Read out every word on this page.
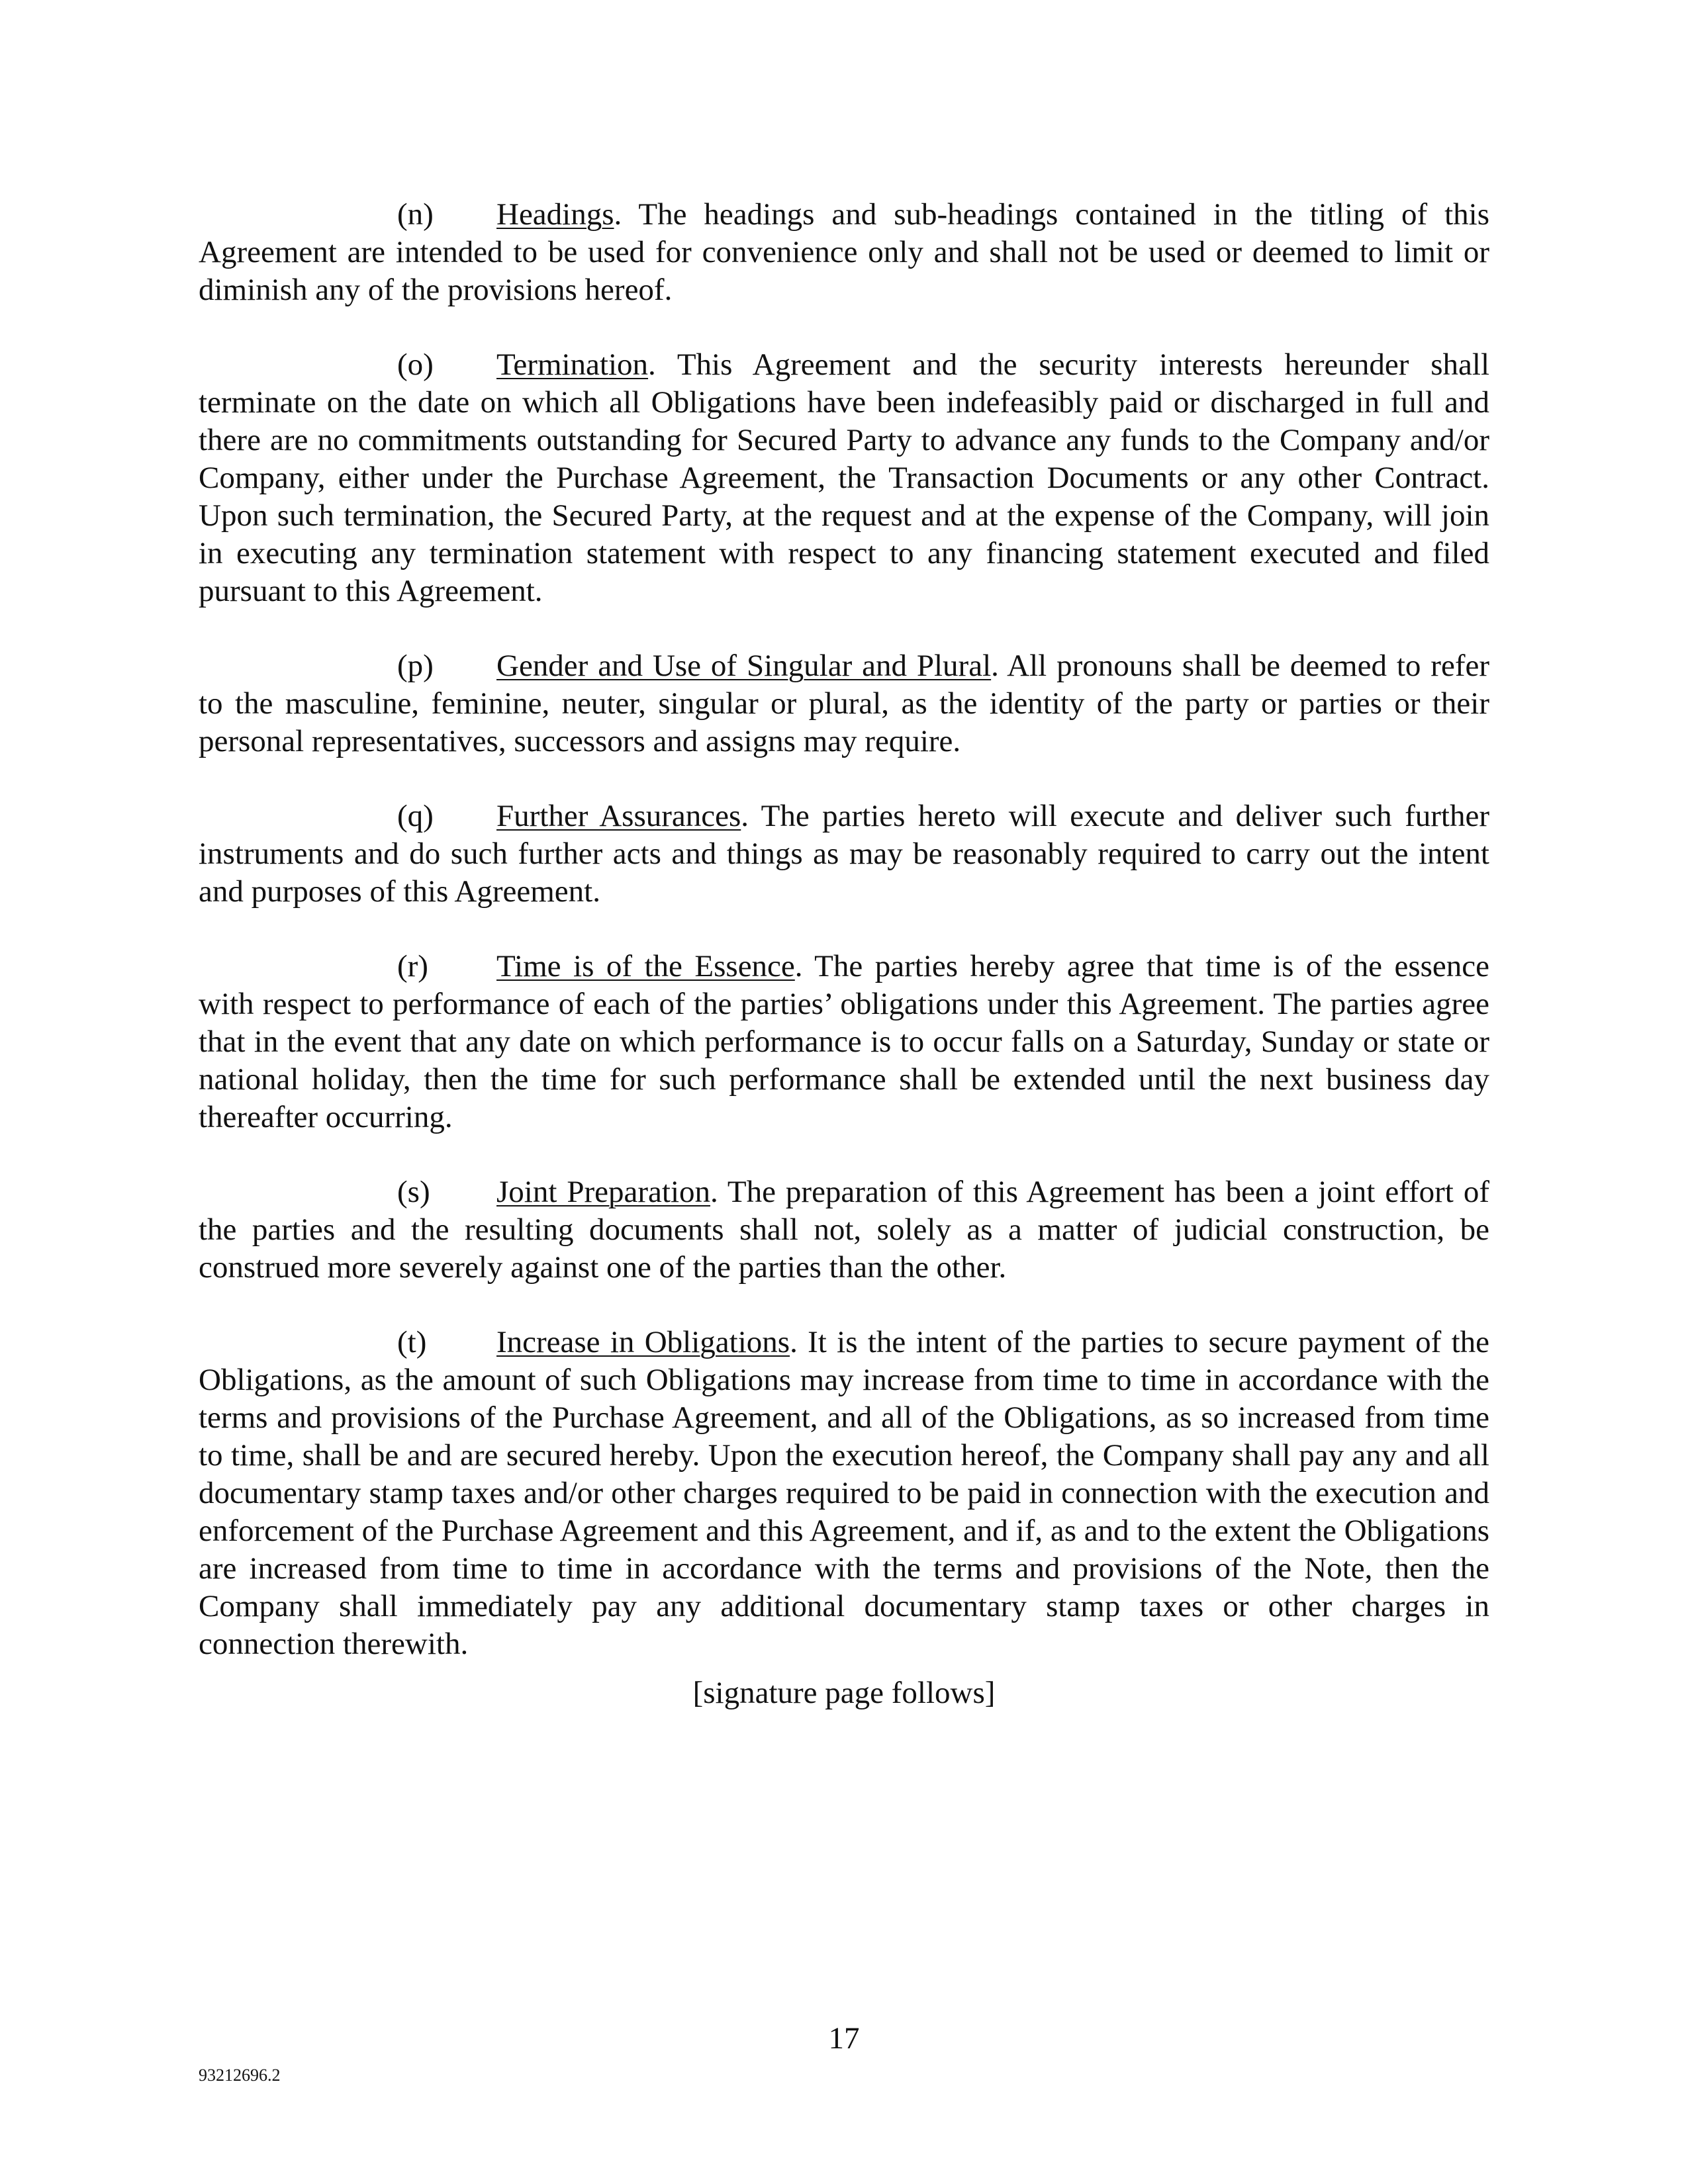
(n) Headings. The headings and sub-headings contained in the titling of this Agreement are intended to be used for convenience only and shall not be used or deemed to limit or diminish any of the provisions hereof.

(o) Termination. This Agreement and the security interests hereunder shall terminate on the date on which all Obligations have been indefeasibly paid or discharged in full and there are no commitments outstanding for Secured Party to advance any funds to the Company and/or Company, either under the Purchase Agreement, the Transaction Documents or any other Contract. Upon such termination, the Secured Party, at the request and at the expense of the Company, will join in executing any termination statement with respect to any financing statement executed and filed pursuant to this Agreement.

(p) Gender and Use of Singular and Plural. All pronouns shall be deemed to refer to the masculine, feminine, neuter, singular or plural, as the identity of the party or parties or their personal representatives, successors and assigns may require.

(q) Further Assurances. The parties hereto will execute and deliver such further instruments and do such further acts and things as may be reasonably required to carry out the intent and purposes of this Agreement.

(r) Time is of the Essence. The parties hereby agree that time is of the essence with respect to performance of each of the parties’ obligations under this Agreement. The parties agree that in the event that any date on which performance is to occur falls on a Saturday, Sunday or state or national holiday, then the time for such performance shall be extended until the next business day thereafter occurring.

(s) Joint Preparation. The preparation of this Agreement has been a joint effort of the parties and the resulting documents shall not, solely as a matter of judicial construction, be construed more severely against one of the parties than the other.

(t) Increase in Obligations. It is the intent of the parties to secure payment of the Obligations, as the amount of such Obligations may increase from time to time in accordance with the terms and provisions of the Purchase Agreement, and all of the Obligations, as so increased from time to time, shall be and are secured hereby. Upon the execution hereof, the Company shall pay any and all documentary stamp taxes and/or other charges required to be paid in connection with the execution and enforcement of the Purchase Agreement and this Agreement, and if, as and to the extent the Obligations are increased from time to time in accordance with the terms and provisions of the Note, then the Company shall immediately pay any additional documentary stamp taxes or other charges in connection therewith.

[signature page follows]
17
93212696.2
